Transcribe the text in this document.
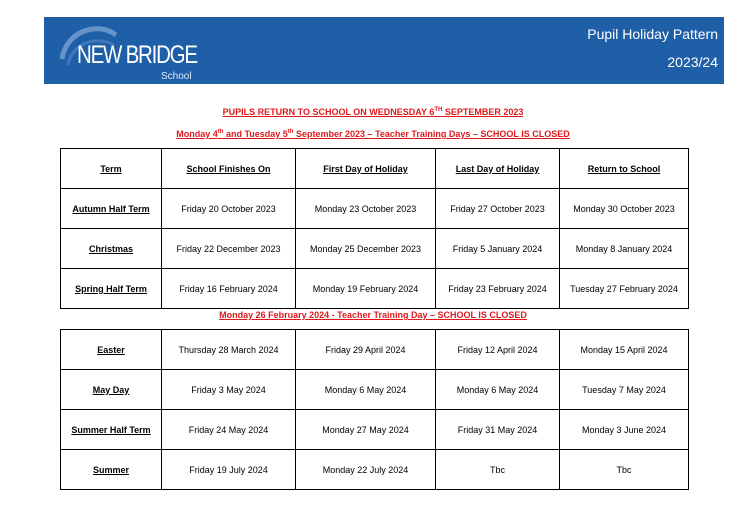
NEW BRIDGE
School
Pupil Holiday Pattern
2023/24
PUPILS RETURN TO SCHOOL ON WEDNESDAY 6TH SEPTEMBER 2023
Monday 4th and Tuesday 5th September 2023 – Teacher Training Days – SCHOOL IS CLOSED
Term	School Finishes On	First Day of Holiday	Last Day of Holiday	Return to School
Autumn Half Term	Friday 20 October 2023	Monday 23 October 2023	Friday 27 October 2023	Monday 30 October 2023
Christmas	Friday 22 December 2023	Monday 25 December 2023	Friday 5 January 2024	Monday 8 January 2024
Spring Half Term	Friday 16 February 2024	Monday 19 February 2024	Friday 23 February 2024	Tuesday 27 February 2024
Monday 26 February 2024 - Teacher Training Day – SCHOOL IS CLOSED
Easter	Thursday 28 March 2024	Friday 29 April 2024	Friday 12 April 2024	Monday 15 April 2024
May Day	Friday 3 May 2024	Monday 6 May 2024	Monday 6 May 2024	Tuesday 7 May 2024
Summer Half Term	Friday 24 May 2024	Monday 27 May 2024	Friday 31 May 2024	Monday 3 June 2024
Summer	Friday 19 July 2024	Monday 22 July 2024	Tbc	Tbc
